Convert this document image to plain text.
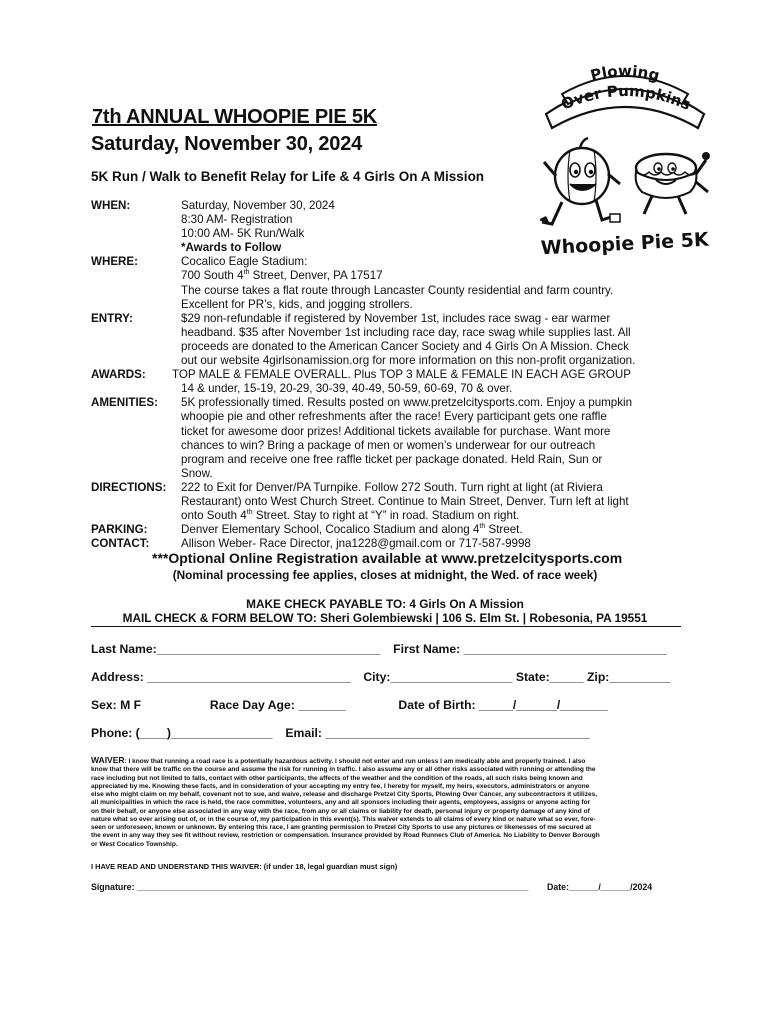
7th ANNUAL WHOOPIE PIE 5K
Saturday, November 30, 2024
5K Run / Walk to Benefit Relay for Life & 4 Girls On A Mission
Plowing
Over Pumpkins
Whoopie Pie 5K
WHEN:	Saturday, November 30, 2024
8:30 AM- Registration
10:00 AM- 5K Run/Walk
*Awards to Follow
WHERE:	Cocalico Eagle Stadium:
700 South 4th Street, Denver, PA 17517
The course takes a flat route through Lancaster County residential and farm country.
Excellent for PR’s, kids, and jogging strollers.
ENTRY:	$29 non-refundable if registered by November 1st, includes race swag - ear warmer
headband. $35 after November 1st including race day, race swag while supplies last. All
proceeds are donated to the American Cancer Society and 4 Girls On A Mission. Check
out our website 4girlsonamission.org for more information on this non-profit organization.
AWARDS: TOP MALE & FEMALE OVERALL. Plus TOP 3 MALE & FEMALE IN EACH AGE GROUP
14 & under, 15-19, 20-29, 30-39, 40-49, 50-59, 60-69, 70 & over.
AMENITIES: 5K professionally timed. Results posted on www.pretzelcitysports.com. Enjoy a pumpkin
whoopie pie and other refreshments after the race! Every participant gets one raffle
ticket for awesome door prizes! Additional tickets available for purchase. Want more
chances to win? Bring a package of men or women’s underwear for our outreach
program and receive one free raffle ticket per package donated. Held Rain, Sun or
Snow.
DIRECTIONS: 222 to Exit for Denver/PA Turnpike. Follow 272 South. Turn right at light (at Riviera
Restaurant) onto West Church Street. Continue to Main Street, Denver. Turn left at light
onto South 4th Street. Stay to right at “Y” in road. Stadium on right.
PARKING:	Denver Elementary School, Cocalico Stadium and along 4th Street.
CONTACT:	Allison Weber- Race Director, jna1228@gmail.com or 717-587-9998
***Optional Online Registration available at www.pretzelcitysports.com
(Nominal processing fee applies, closes at midnight, the Wed. of race week)
MAKE CHECK PAYABLE TO: 4 Girls On A Mission
MAIL CHECK & FORM BELOW TO: Sheri Golembiewski | 106 S. Elm St. | Robesonia, PA 19551
Last Name:_________________________________ First Name: ______________________________
Address: ______________________________ City:__________________ State:_____ Zip:_________
Sex: M F	Race Day Age: _______	Date of Birth: _____/______/_______
Phone: (____)_______________ Email: _______________________________________
WAIVER: I know that running a road race is a potentially hazardous activity. I should not enter and run unless I am medically able and properly trained. I also
know that there will be traffic on the course and assume the risk for running in traffic. I also assume any or all other risks associated with running or attending the
race including but not limited to falls, contact with other participants, the affects of the weather and the condition of the roads, all such risks being known and
appreciated by me. Knowing these facts, and in consideration of your accepting my entry fee, I hereby for myself, my heirs, executors, administrators or anyone
else who might claim on my behalf, covenant not to sue, and waive, release and discharge Pretzel City Sports, Plowing Over Cancer, any subcontractors it utilizes,
all municipalities in which the race is held, the race committee, volunteers, any and all sponsors including their agents, employees, assigns or anyone acting for
on their behalf, or anyone else associated in any way with the race, from any or all claims or liability for death, personal injury or property damage of any kind of
nature what so ever arising out of, or in the course of, my participation in this event(s). This waiver extends to all claims of every kind or nature what so ever, fore-
seen or unforeseen, known or unknown. By entering this race, I am granting permission to Pretzel City Sports to use any pictures or likenesses of me secured at
the event in any way they see fit without review, restriction or compensation. Insurance provided by Road Runners Club of America. No Liability to Denver Borough
or West Cocalico Township.
I HAVE READ AND UNDERSTAND THIS WAIVER: (if under 18, legal guardian must sign)
Signature: ________________________________________________________________________________ Date:______/______/2024
